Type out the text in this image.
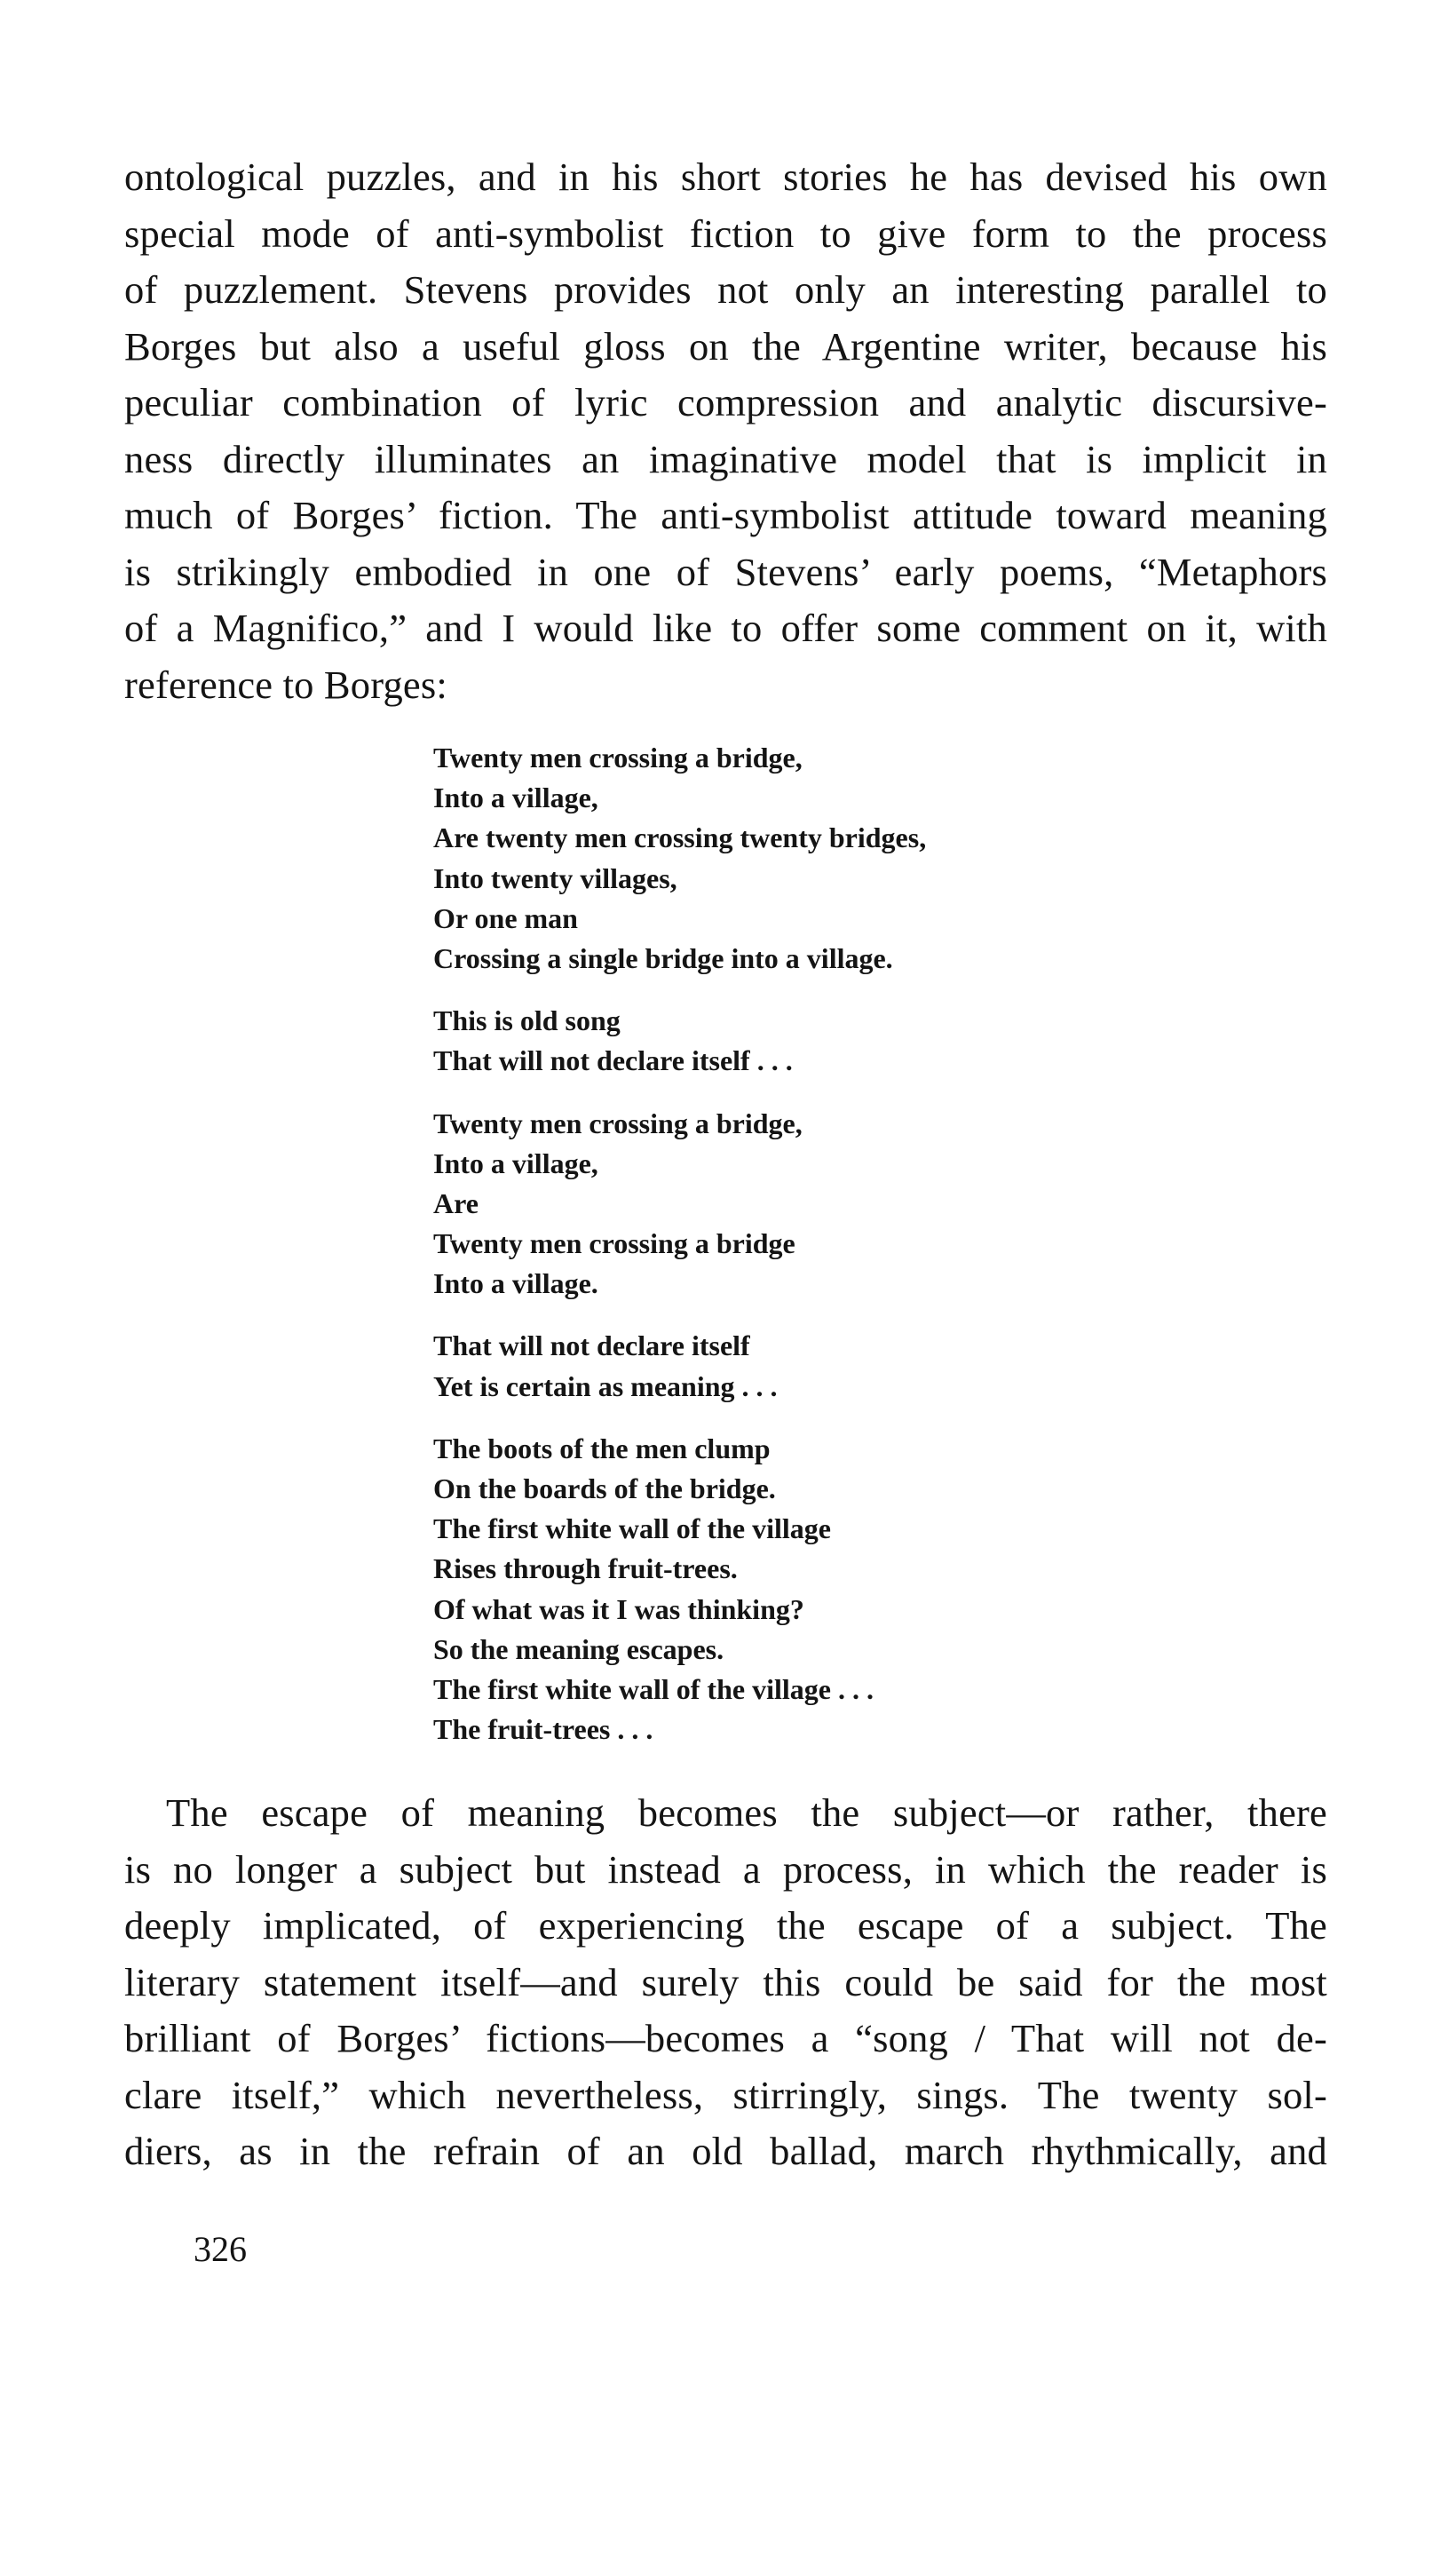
ontological puzzles, and in his short stories he has devised his own

special mode of anti-symbolist fiction to give form to the process

of puzzlement. Stevens provides not only an interesting parallel to

Borges but also a useful gloss on the Argentine writer, because his

peculiar combination of lyric compression and analytic discursive-

ness directly illuminates an imaginative model that is implicit in

much of Borges’ fiction. The anti-symbolist attitude toward meaning

is strikingly embodied in one of Stevens’ early poems, “Metaphors

of a Magnifico,” and I would like to offer some comment on it, with

reference to Borges:

Twenty men crossing a bridge,
Into a village,
Are twenty men crossing twenty bridges,
Into twenty villages,
Or one man
Crossing a single bridge into a village.
This is old song
That will not declare itself . . .
Twenty men crossing a bridge,
Into a village,
Are
Twenty men crossing a bridge
Into a village.
That will not declare itself
Yet is certain as meaning . . .
The boots of the men clump
On the boards of the bridge.
The first white wall of the village
Rises through fruit-trees.
Of what was it I was thinking?
So the meaning escapes.
The first white wall of the village . . .
The fruit-trees . . .

The escape of meaning becomes the subject—or rather, there

is no longer a subject but instead a process, in which the reader is

deeply implicated, of experiencing the escape of a subject. The

literary statement itself—and surely this could be said for the most

brilliant of Borges’ fictions—becomes a “song / That will not de-

clare itself,” which nevertheless, stirringly, sings. The twenty sol-

diers, as in the refrain of an old ballad, march rhythmically, and

326
